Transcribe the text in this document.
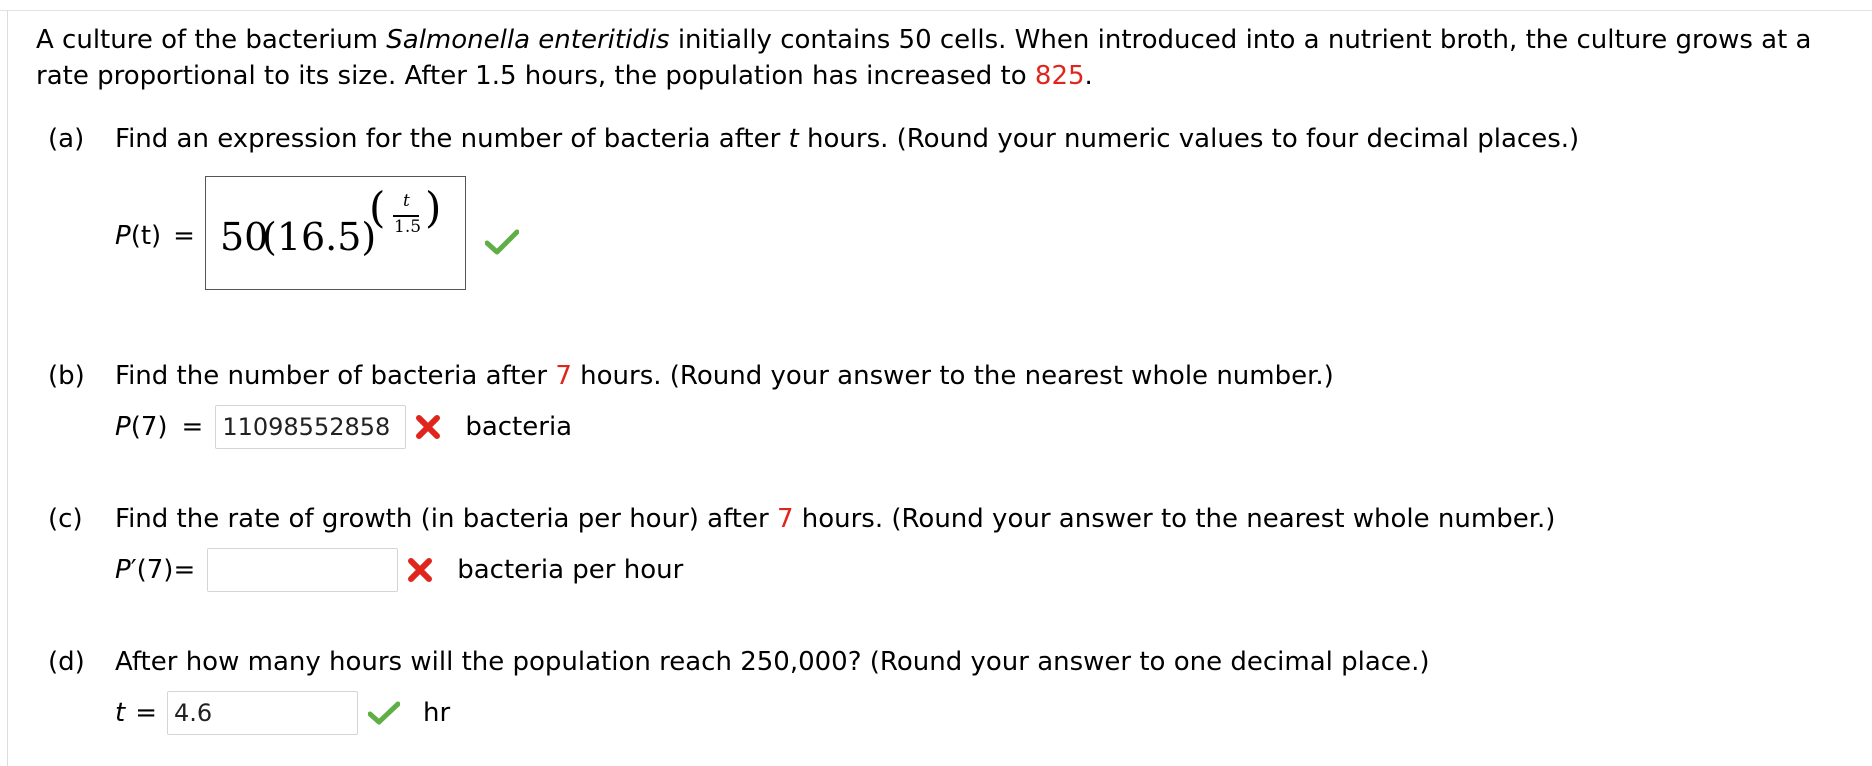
A culture of the bacterium Salmonella enteritidis initially contains 50 cells. When introduced into a nutrient broth, the culture grows at a rate proportional to its size. After 1.5 hours, the population has increased to 825.
(a) Find an expression for the number of bacteria after t hours. (Round your numeric values to four decimal places.)
P (t) = 50
(16.5)
( t
1.5 )
(b) Find the number of bacteria after 7 hours. (Round your answer to the nearest whole number.)
P (7) =
11098552858	bacteria
(c) Find the rate of growth (in bacteria per hour) after 7 hours. (Round your answer to the nearest whole number.)
P ′ (7) =	bacteria per hour
(d) After how many hours will the population reach 250,000? (Round your answer to one decimal place.)
t =
4.6	hr
